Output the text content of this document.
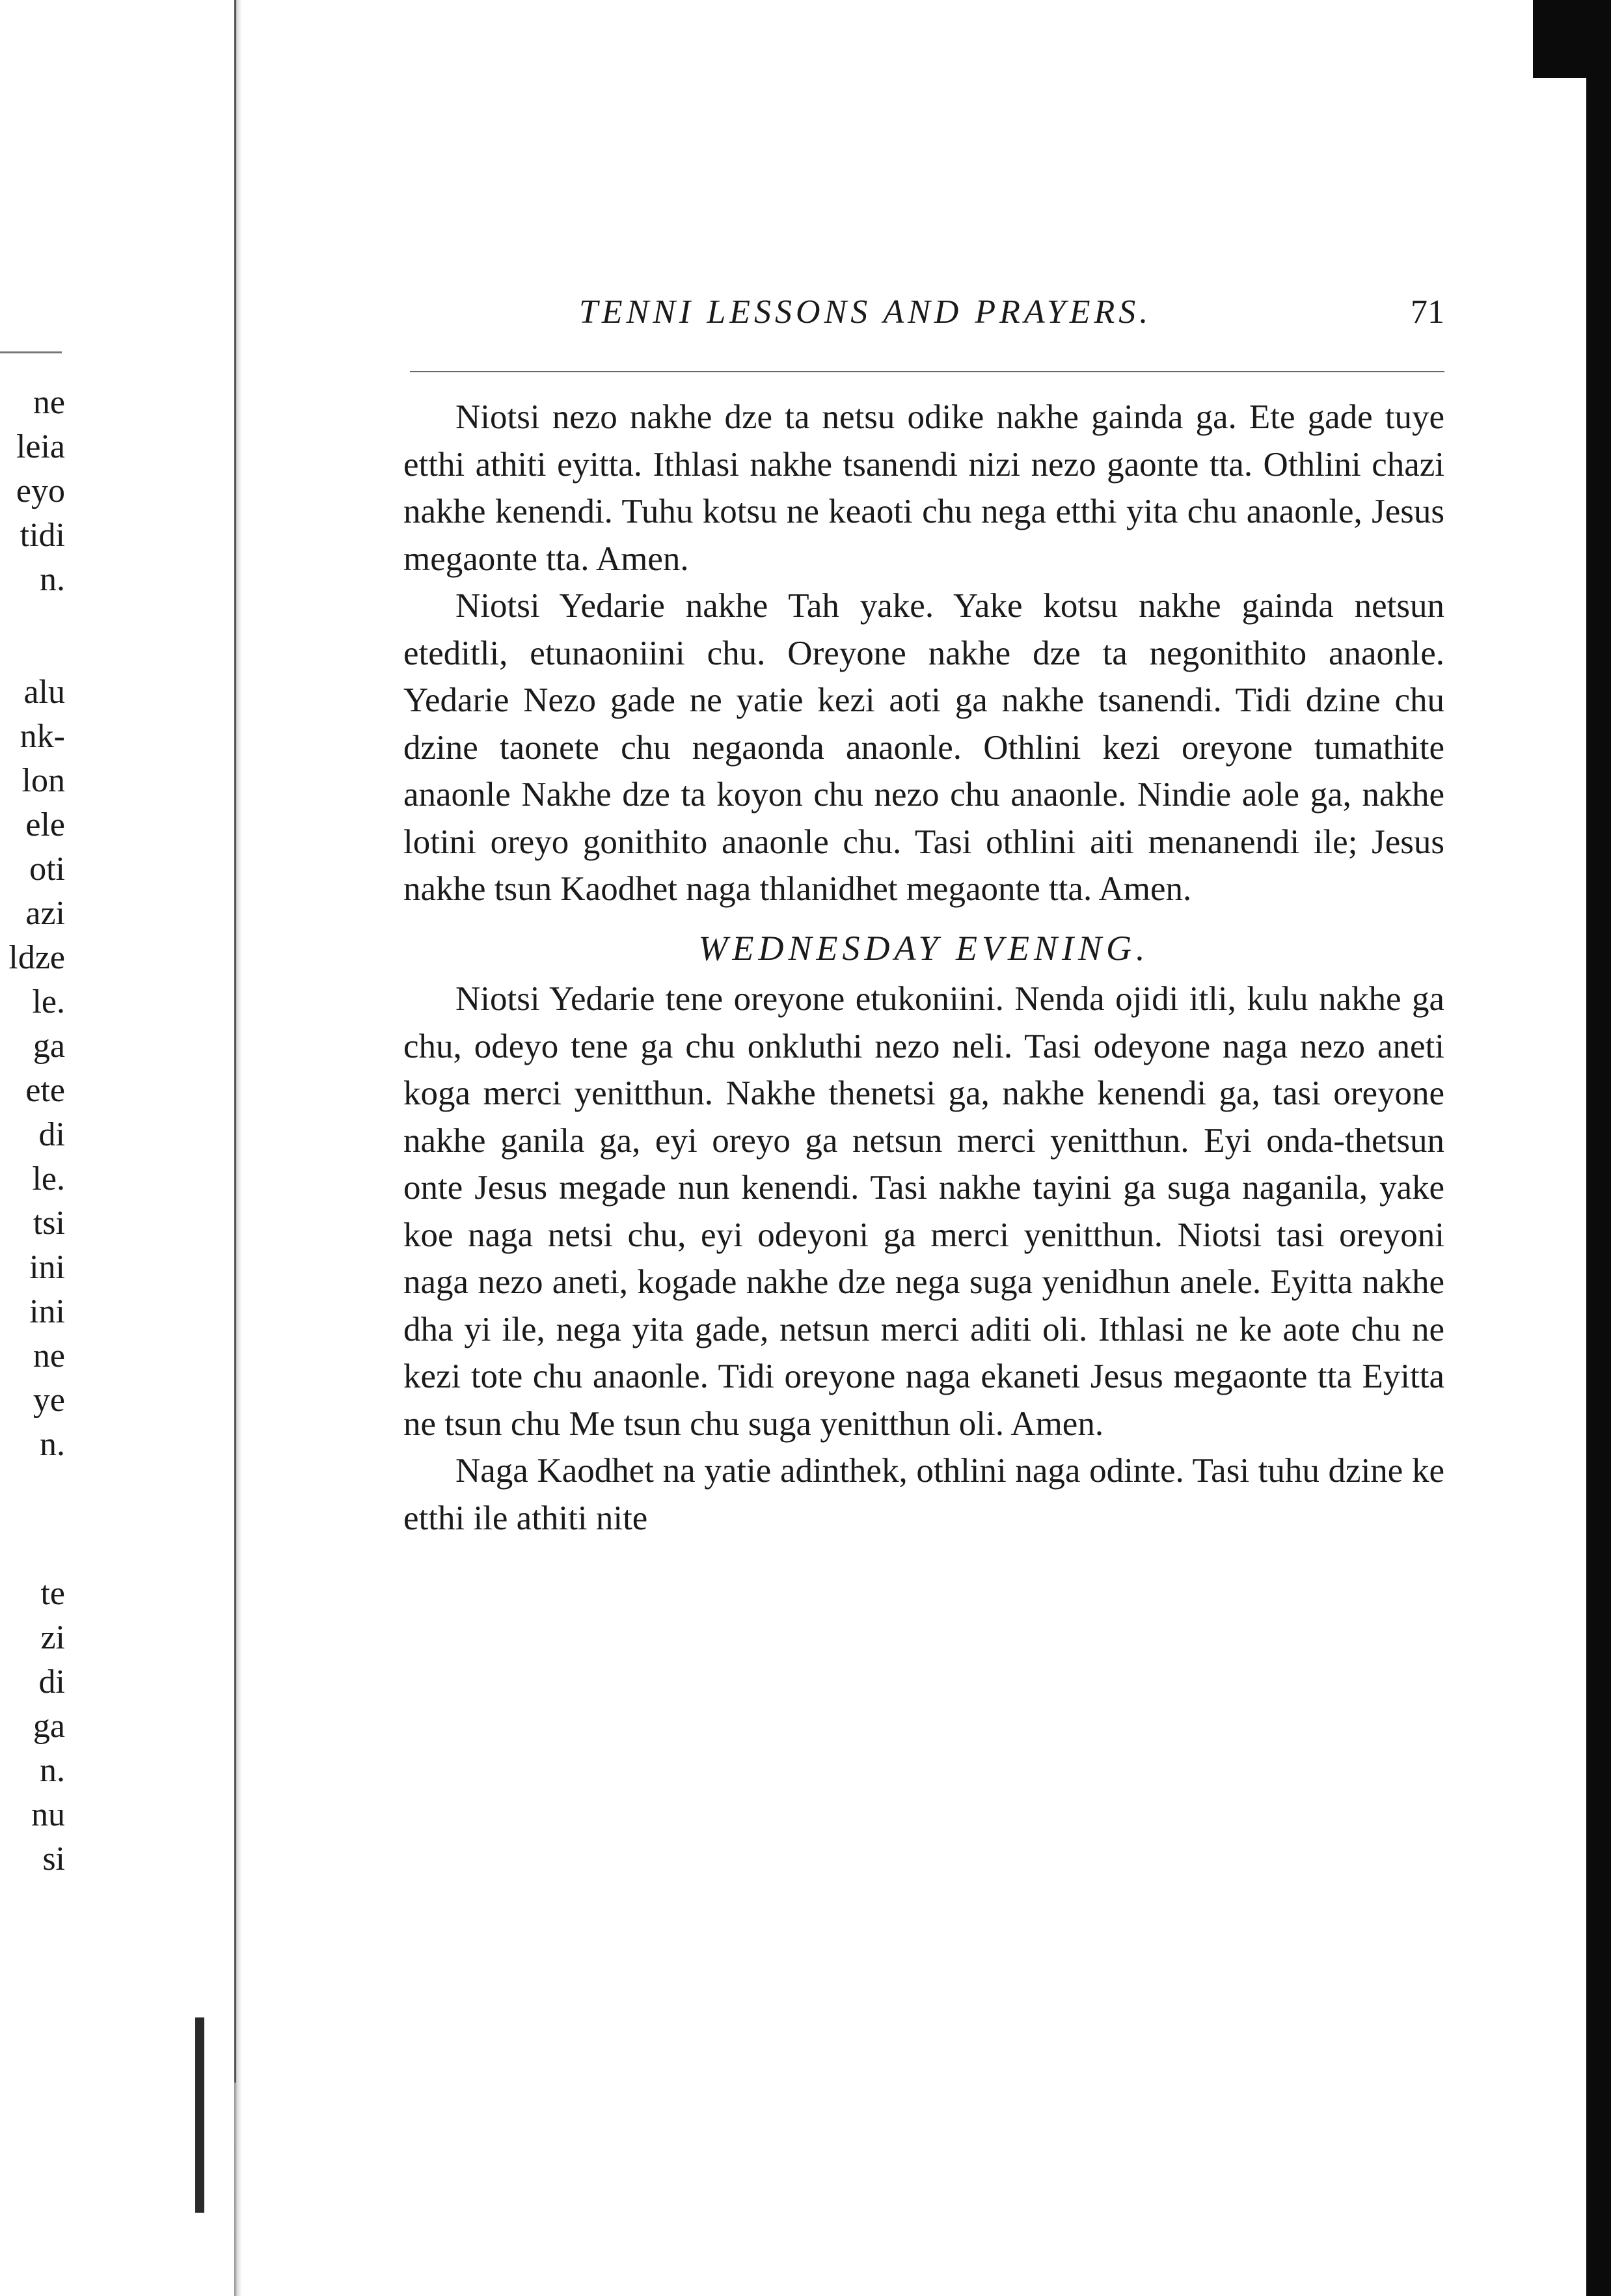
ne
leia
eyo
tidi
n.
alu
nk-
lon
ele
oti
azi
ldze
le.
ga
ete
di
le.
tsi
ini
ini
ne
ye
n.
te
zi
di
ga
n.
nu
si
TENNI LESSONS AND PRAYERS.	71

Niotsi nezo nakhe dze ta netsu odike nakhe gainda ga. Ete gade tuye etthi athiti eyitta. Ithlasi nakhe tsanendi nizi nezo gaonte tta. Othlini chazi nakhe kenendi. Tuhu kotsu ne keaoti chu nega etthi yita chu anaonle, Jesus megaonte tta. Amen.

Niotsi Yedarie nakhe Tah yake. Yake kotsu nakhe gainda netsun eteditli, etunaoniini chu. Oreyone nakhe dze ta negonithito anaonle. Yedarie Nezo gade ne yatie kezi aoti ga nakhe tsanendi. Tidi dzine chu dzine taonete chu negaonda anaonle. Othlini kezi oreyone tumathite anaonle Nakhe dze ta koyon chu nezo chu anaonle. Nindie aole ga, nakhe lotini oreyo gonithito anaonle chu. Tasi othlini aiti menanendi ile; Jesus nakhe tsun Kaodhet naga thlanidhet megaonte tta. Amen.

WEDNESDAY EVENING.

Niotsi Yedarie tene oreyone etukoniini. Nenda ojidi itli, kulu nakhe ga chu, odeyo tene ga chu onkluthi nezo neli. Tasi odeyone naga nezo aneti koga merci yenitthun. Nakhe thenetsi ga, nakhe kenendi ga, tasi oreyone nakhe ganila ga, eyi oreyo ga netsun merci yenitthun. Eyi onda-thetsun onte Jesus megade nun kenendi. Tasi nakhe tayini ga suga naganila, yake koe naga netsi chu, eyi odeyoni ga merci yenitthun. Niotsi tasi oreyoni naga nezo aneti, kogade nakhe dze nega suga yenidhun anele. Eyitta nakhe dha yi ile, nega yita gade, netsun merci aditi oli. Ithlasi ne ke aote chu ne kezi tote chu anaonle. Tidi oreyone naga ekaneti Jesus megaonte tta Eyitta ne tsun chu Me tsun chu suga yenitthun oli. Amen.

Naga Kaodhet na yatie adinthek, othlini naga odinte. Tasi tuhu dzine ke etthi ile athiti nite
